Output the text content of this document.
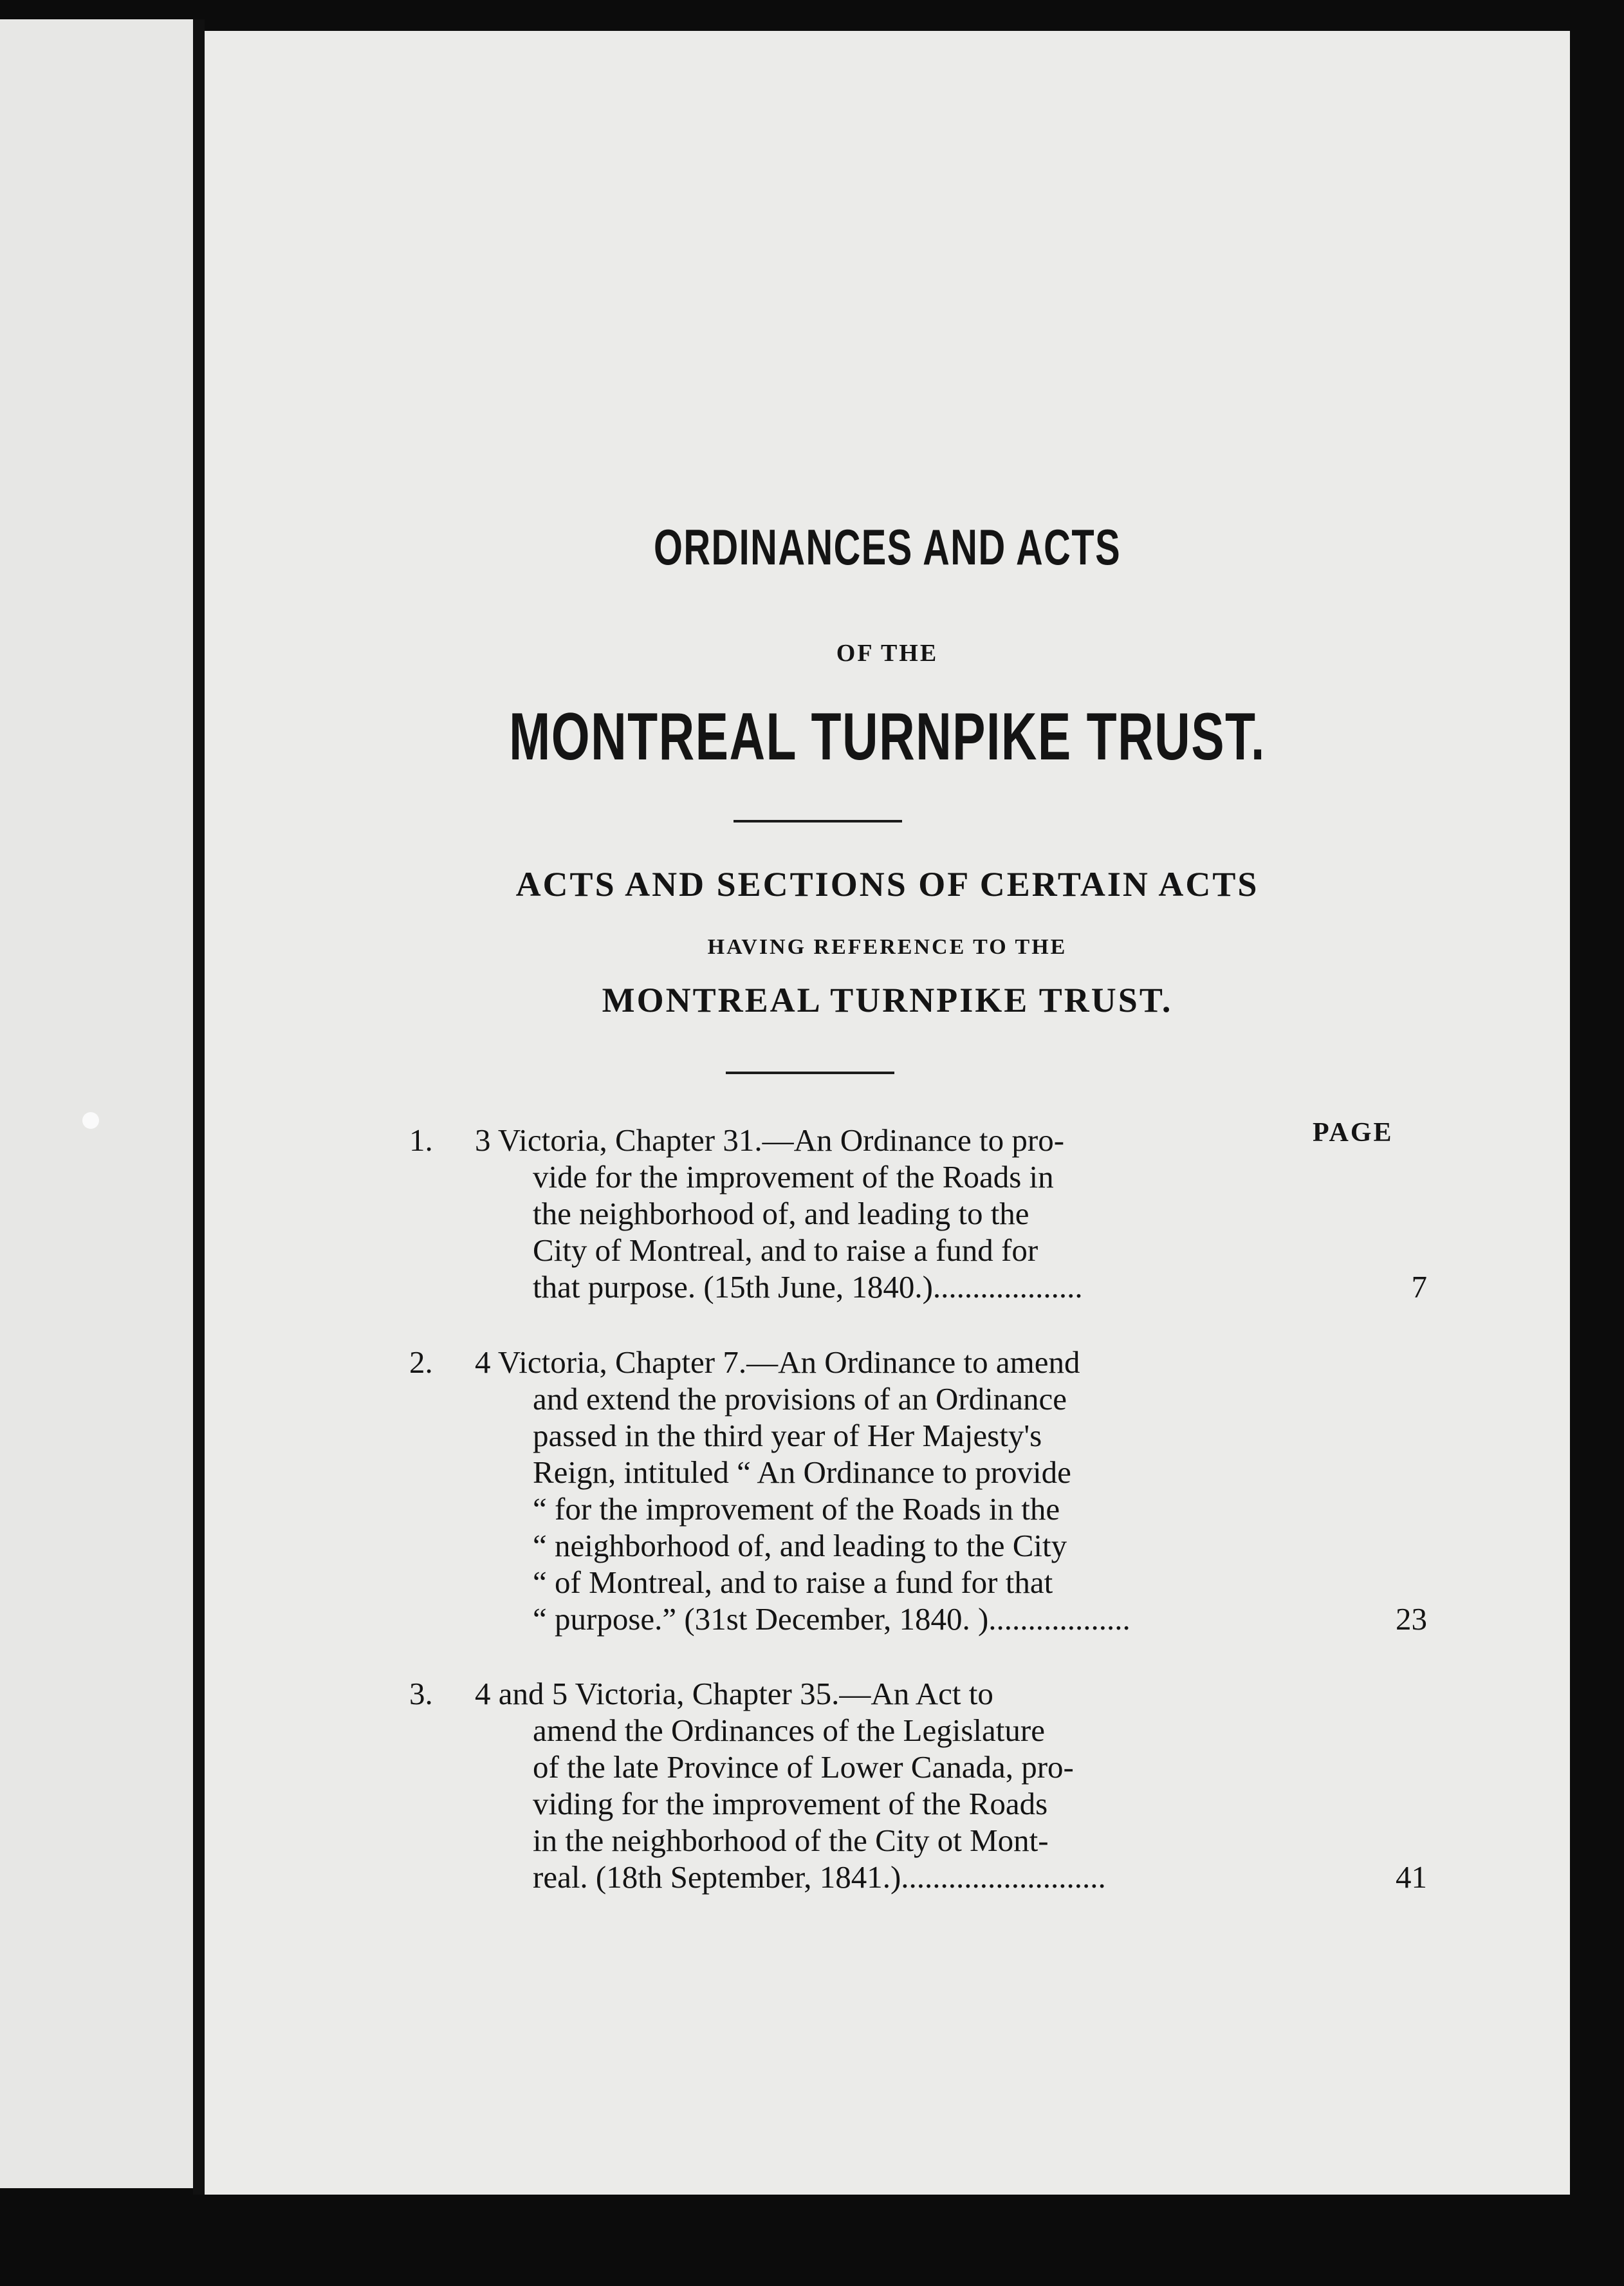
ORDINANCES AND ACTS
OF THE
MONTREAL TURNPIKE TRUST.
ACTS AND SECTIONS OF CERTAIN ACTS
HAVING REFERENCE TO THE
MONTREAL TURNPIKE TRUST.
PAGE
1. 3 Victoria, Chapter 31.—An Ordinance to pro-
vide for the improvement of the Roads in
the neighborhood of, and leading to the
City of Montreal, and to raise a fund for
that purpose. (15th June, 1840.)...................	7
2. 4 Victoria, Chapter 7.—An Ordinance to amend
and extend the provisions of an Ordinance
passed in the third year of Her Majesty's
Reign, intituled “ An Ordinance to provide
“ for the improvement of the Roads in the
“ neighborhood of, and leading to the City
“ of Montreal, and to raise a fund for that
“ purpose.” (31st December, 1840. )..................	23
3. 4 and 5 Victoria, Chapter 35.—An Act to
amend the Ordinances of the Legislature
of the late Province of Lower Canada, pro-
viding for the improvement of the Roads
in the neighborhood of the City ot Mont-
real. (18th September, 1841.)..........................	41
